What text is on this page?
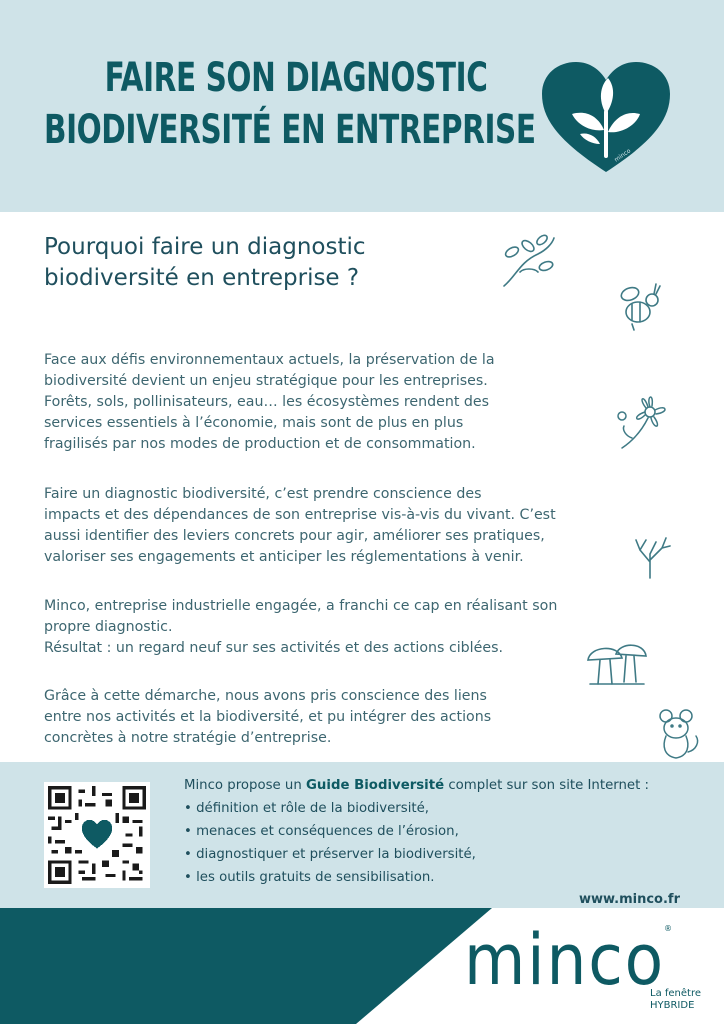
FAIRE SON DIAGNOSTIC
BIODIVERSITÉ EN ENTREPRISE
minco
Pourquoi faire un diagnostic biodiversité en entreprise ?
Face aux défis environnementaux actuels, la préservation de la
biodiversité devient un enjeu stratégique pour les entreprises.
Forêts, sols, pollinisateurs, eau… les écosystèmes rendent des
services essentiels à l’économie, mais sont de plus en plus
fragilisés par nos modes de production et de consommation.
Faire un diagnostic biodiversité, c’est prendre conscience des
impacts et des dépendances de son entreprise vis-à-vis du vivant. C’est
aussi identifier des leviers concrets pour agir, améliorer ses pratiques,
valoriser ses engagements et anticiper les réglementations à venir.
Minco, entreprise industrielle engagée, a franchi ce cap en réalisant son
propre diagnostic.
Résultat : un regard neuf sur ses activités et des actions ciblées.
Grâce à cette démarche, nous avons pris conscience des liens
entre nos activités et la biodiversité, et pu intégrer des actions
concrètes à notre stratégie d’entreprise.

Minco propose un Guide Biodiversité complet sur son site Internet :

• définition et rôle de la biodiversité,
• menaces et conséquences de l’érosion,
• diagnostiquer et préserver la biodiversité,
• les outils gratuits de sensibilisation.
www.minco.fr
minco ®
La fenêtre
HYBRIDE
